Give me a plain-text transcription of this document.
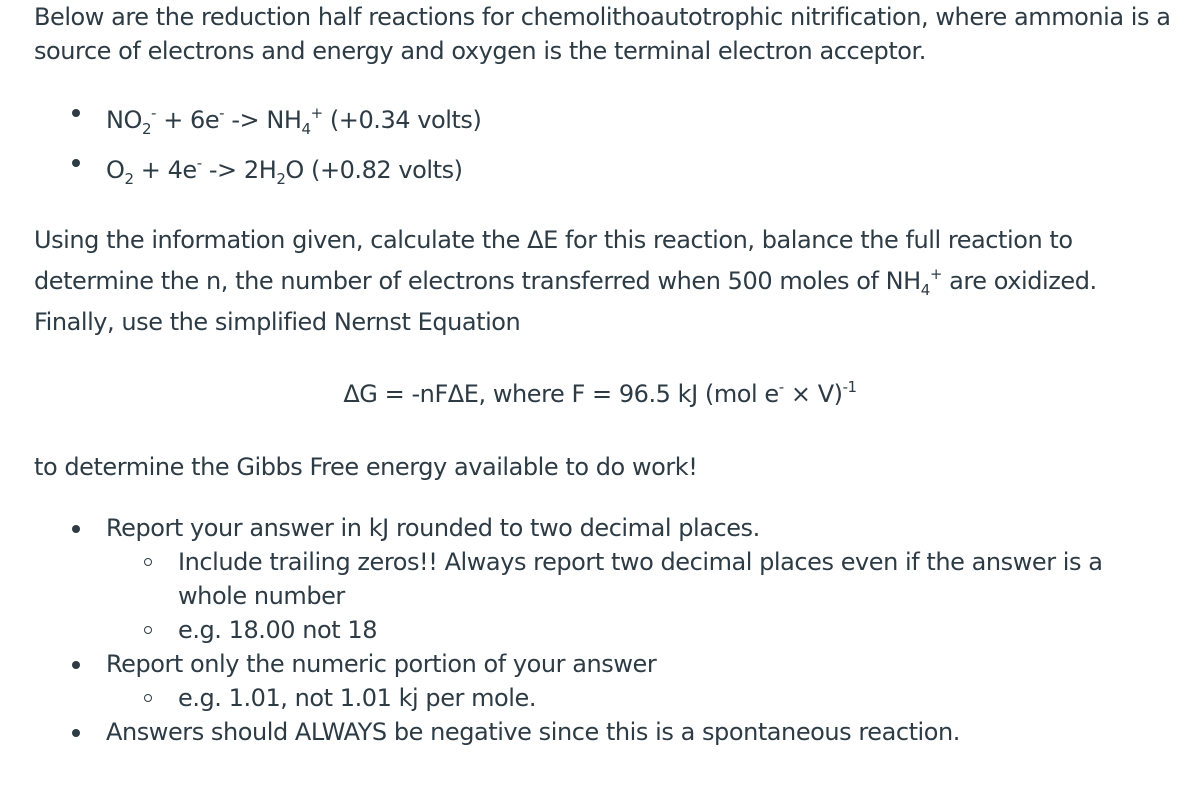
Below are the reduction half reactions for chemolithoautotrophic nitrification, where ammonia is a source of electrons and energy and oxygen is the terminal electron acceptor.

$NO_2^- + 6e^- -> NH_4^+$ (+0.34 volts)
$O_2 + 4e^- -> 2H_2O$ (+0.82 volts)

Using the information given, calculate the ΔE for this reaction, balance the full reaction to determine the n, the number of electrons transferred when 500 moles of $NH_4^+$ are oxidized. Finally, use the simplified Nernst Equation

ΔG = -nFΔE, where F = 96.5 kJ (mol e- × V)$^{-1}$

to determine the Gibbs Free energy available to do work!

Report your answer in kJ rounded to two decimal places.
Include trailing zeros!! Always report two decimal places even if the answer is a whole number
e.g. 18.00 not 18
Report only the numeric portion of your answer
e.g. 1.01, not 1.01 kj per mole.
Answers should ALWAYS be negative since this is a spontaneous reaction.
